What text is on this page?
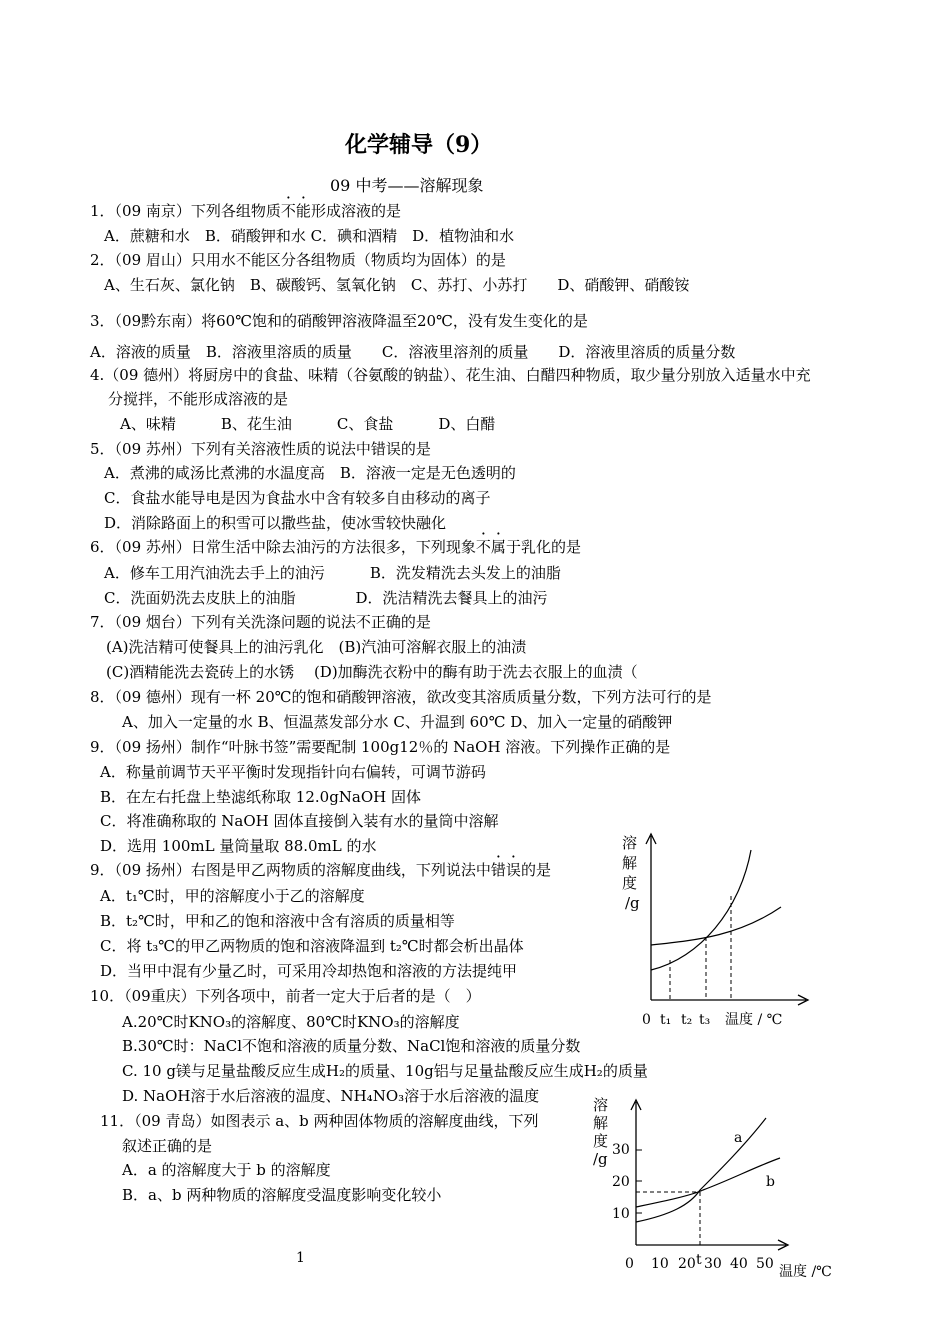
化学辅导（9）
09 中考——溶解现象
1．（09 南京）下列各组物质不能形成溶液的是
A．蔗糖和水　B．硝酸钾和水 C．碘和酒精　D．植物油和水
2．（09 眉山）只用水不能区分各组物质（物质均为固体）的是
A、生石灰、氯化钠　B、碳酸钙、氢氧化钠　C、苏打、小苏打　　D、硝酸钾、硝酸铵
3．（09黔东南）将60℃饱和的硝酸钾溶液降温至20℃，没有发生变化的是
A．溶液的质量　B．溶液里溶质的质量　　C．溶液里溶剂的质量　　D．溶液里溶质的质量分数
4.（09 德州）将厨房中的食盐、味精（谷氨酸的钠盐）、花生油、白醋四种物质，取少量分别放入适量水中充
分搅拌，不能形成溶液的是
A、味精　　　B、花生油　　　C、食盐　　　D、白醋
5．（09 苏州）下列有关溶液性质的说法中错误的是
A．煮沸的咸汤比煮沸的水温度高　B．溶液一定是无色透明的
C．食盐水能导电是因为食盐水中含有较多自由移动的离子
D．消除路面上的积雪可以撒些盐，使冰雪较快融化
6．（09 苏州）日常生活中除去油污的方法很多，下列现象不属于乳化的是
A．修车工用汽油洗去手上的油污　　　B．洗发精洗去头发上的油脂
C．洗面奶洗去皮肤上的油脂　　　　D．洗洁精洗去餐具上的油污
7．（09 烟台）下列有关洗涤问题的说法不正确的是
(A)洗洁精可使餐具上的油污乳化　(B)汽油可溶解衣服上的油渍
(C)酒精能洗去瓷砖上的水锈　 (D)加酶洗衣粉中的酶有助于洗去衣服上的血渍（
8．（09 德州）现有一杯 20℃的饱和硝酸钾溶液，欲改变其溶质质量分数，下列方法可行的是
A、加入一定量的水 B、恒温蒸发部分水 C、升温到 60℃ D、加入一定量的硝酸钾
9．（09 扬州）制作“叶脉书签”需要配制 100g12％的 NaOH 溶液。下列操作正确的是
A．称量前调节天平平衡时发现指针向右偏转，可调节游码
B．在左右托盘上垫滤纸称取 12.0gNaOH 固体
C．将准确称取的 NaOH 固体直接倒入装有水的量筒中溶解
D．选用 100mL 量筒量取 88.0mL 的水
9．（09 扬州）右图是甲乙两物质的溶解度曲线，下列说法中错误的是
A．t₁℃时，甲的溶解度小于乙的溶解度
B．t₂℃时，甲和乙的饱和溶液中含有溶质的质量相等
C．将 t₃℃的甲乙两物质的饱和溶液降温到 t₂℃时都会析出晶体
D．当甲中混有少量乙时，可采用冷却热饱和溶液的方法提纯甲
10．（09重庆）下列各项中，前者一定大于后者的是（　）
A.20℃时KNO₃的溶解度、80℃时KNO₃的溶解度
B.30℃时：NaCl不饱和溶液的质量分数、NaCl饱和溶液的质量分数
C. 10 g镁与足量盐酸反应生成H₂的质量、10g铝与足量盐酸反应生成H₂的质量
D. NaOH溶于水后溶液的温度、NH₄NO₃溶于水后溶液的温度
11．（09 青岛）如图表示 a、b 两种固体物质的溶解度曲线，下列
叙述正确的是
A．a 的溶解度大于 b 的溶解度
B．a、b 两种物质的溶解度受温度影响变化较小
1
溶
解
度
/g
0 t₁ t₂ t₃ 温度 / ℃
溶
解
度
/g 30
20
10
a
b
0 10 20 t 30 40 50 温度 /℃
